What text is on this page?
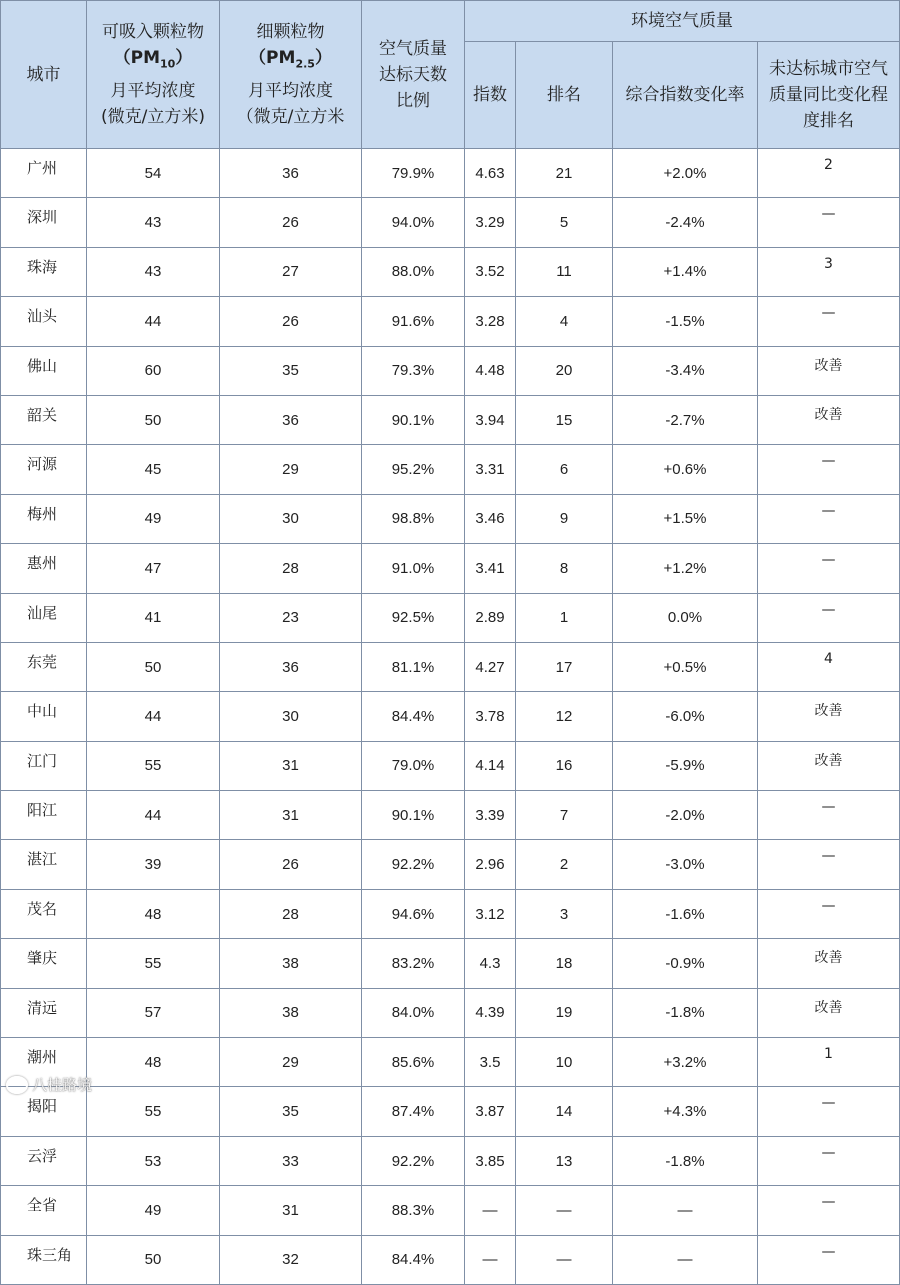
城市	可吸入颗粒物
$(PM_{10})$
月平均浓度
(微克/立方米)	细颗粒物
$(PM_{2.5})$
月平均浓度
（微克/立方米	空气质量
达标天数
比例	环境空气质量			
				指数	排名	综合指数变化率	未达标城市空气质量同比变化程度排名
广州	54	36	79.9%	4.63	21	+2.0%	2
深圳	43	26	94.0%	3.29	5	-2.4%	—
珠海	43	27	88.0%	3.52	11	+1.4%	3
汕头	44	26	91.6%	3.28	4	-1.5%	—
佛山	60	35	79.3%	4.48	20	-3.4%	改善
韶关	50	36	90.1%	3.94	15	-2.7%	改善
河源	45	29	95.2%	3.31	6	+0.6%	—
梅州	49	30	98.8%	3.46	9	+1.5%	—
惠州	47	28	91.0%	3.41	8	+1.2%	—
汕尾	41	23	92.5%	2.89	1	0.0%	—
东莞	50	36	81.1%	4.27	17	+0.5%	4
中山	44	30	84.4%	3.78	12	-6.0%	改善
江门	55	31	79.0%	4.14	16	-5.9%	改善
阳江	44	31	90.1%	3.39	7	-2.0%	—
湛江	39	26	92.2%	2.96	2	-3.0%	—
茂名	48	28	94.6%	3.12	3	-1.6%	—
肇庆	55	38	83.2%	4.3	18	-0.9%	改善
清远	57	38	84.0%	4.39	19	-1.8%	改善
潮州	48	29	85.6%	3.5	10	+3.2%	1
揭阳	55	35	87.4%	3.87	14	+4.3%	—
云浮	53	33	92.2%	3.85	13	-1.8%	—
全省	49	31	88.3%	—	—	—	—
珠三角	50	32	84.4%	—	—	—	—
八桂路境
